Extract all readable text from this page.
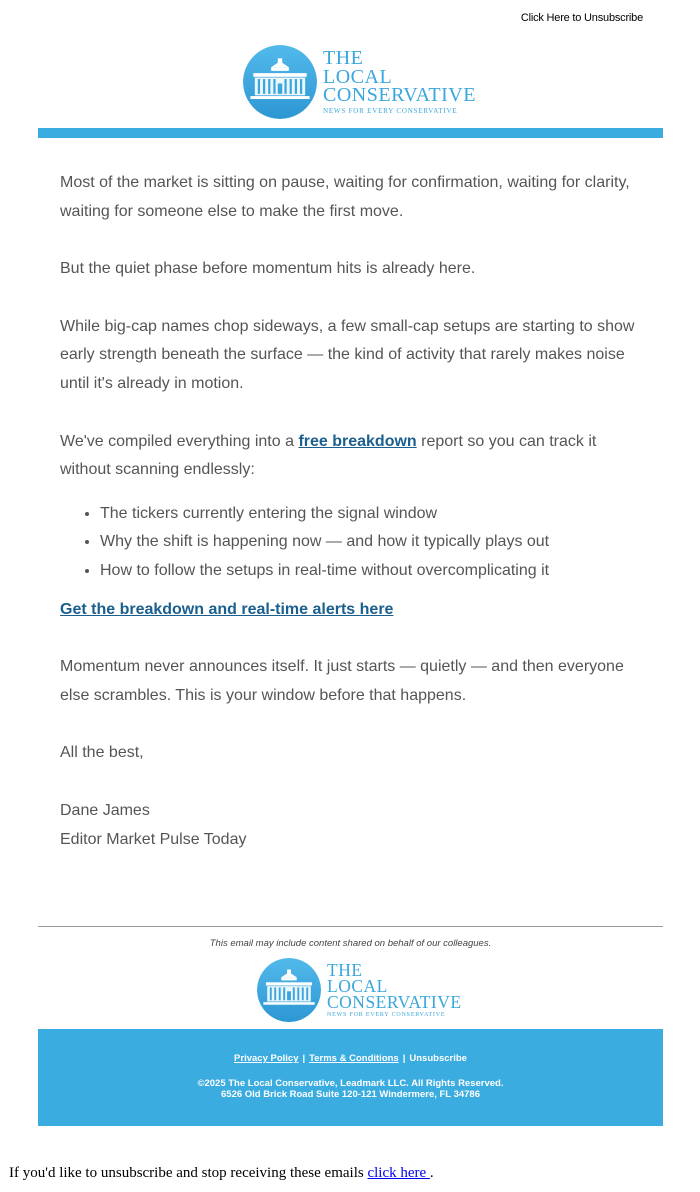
Click Here to Unsubscribe
THE
LOCAL
CONSERVATIVE
NEWS FOR EVERY CONSERVATIVE

Most of the market is sitting on pause, waiting for confirmation, waiting for clarity, waiting for someone else to make the first move.

But the quiet phase before momentum hits is already here.

While big-cap names chop sideways, a few small-cap setups are starting to show early strength beneath the surface — the kind of activity that rarely makes noise until it's already in motion.

We've compiled everything into a free breakdown report so you can track it without scanning endlessly:

• The tickers currently entering the signal window
• Why the shift is happening now — and how it typically plays out
• How to follow the setups in real-time without overcomplicating it
Get the breakdown and real-time alerts here

Momentum never announces itself. It just starts — quietly — and then everyone else scrambles. This is your window before that happens.

All the best,

Dane James

Editor Market Pulse Today

This email may include content shared on behalf of our colleagues.
THE
LOCAL
CONSERVATIVE
NEWS FOR EVERY CONSERVATIVE
Privacy Policy | Terms & Conditions | Unsubscribe
©2025 The Local Conservative, Leadmark LLC. All Rights Reserved.
6526 Old Brick Road Suite 120-121 Windermere, FL 34786
If you'd like to unsubscribe and stop receiving these emails click here .
